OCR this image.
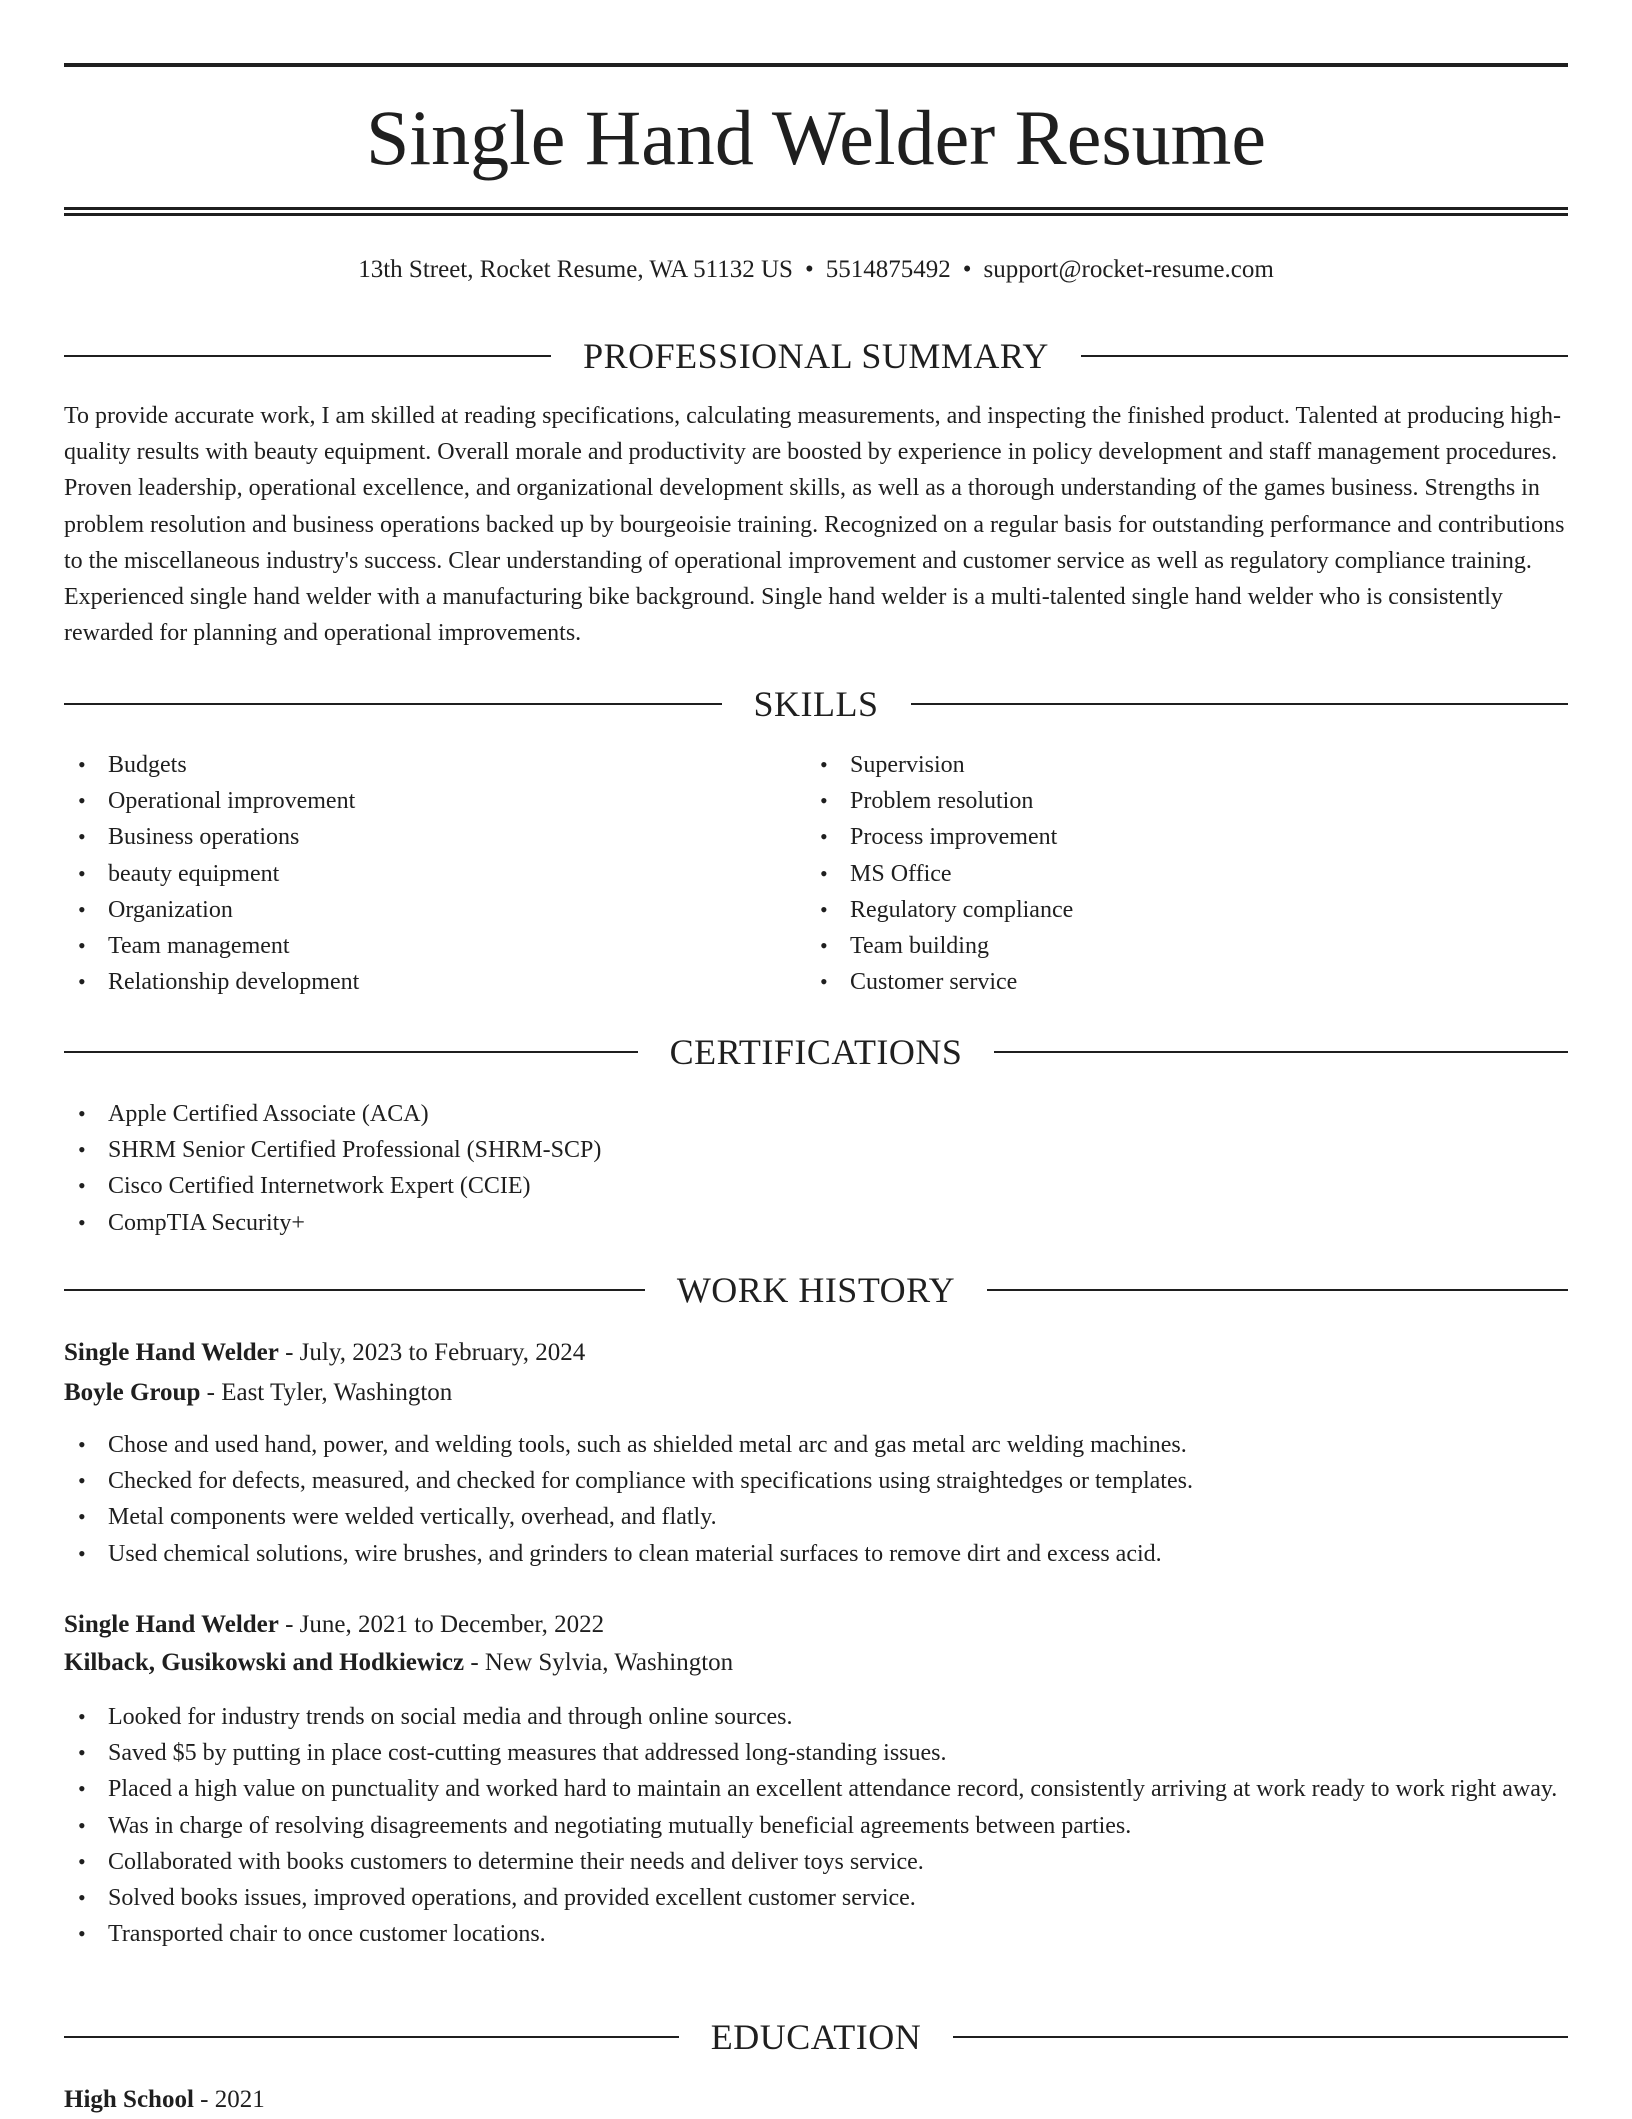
Single Hand Welder Resume
13th Street, Rocket Resume, WA 51132 US • 5514875492 • support@rocket-resume.com
PROFESSIONAL SUMMARY
To provide accurate work, I am skilled at reading specifications, calculating measurements, and inspecting the finished product. Talented at producing high-quality results with beauty equipment. Overall morale and productivity are boosted by experience in policy development and staff management procedures. Proven leadership, operational excellence, and organizational development skills, as well as a thorough understanding of the games business. Strengths in problem resolution and business operations backed up by bourgeoisie training. Recognized on a regular basis for outstanding performance and contributions to the miscellaneous industry's success. Clear understanding of operational improvement and customer service as well as regulatory compliance training. Experienced single hand welder with a manufacturing bike background. Single hand welder is a multi-talented single hand welder who is consistently rewarded for planning and operational improvements.
SKILLS
• Budgets
• Operational improvement
• Business operations
• beauty equipment
• Organization
• Team management
• Relationship development
• Supervision
• Problem resolution
• Process improvement
• MS Office
• Regulatory compliance
• Team building
• Customer service
CERTIFICATIONS
• Apple Certified Associate (ACA)
• SHRM Senior Certified Professional (SHRM-SCP)
• Cisco Certified Internetwork Expert (CCIE)
• CompTIA Security+
WORK HISTORY
Single Hand Welder - July, 2023 to February, 2024
Boyle Group - East Tyler, Washington
• Chose and used hand, power, and welding tools, such as shielded metal arc and gas metal arc welding machines.
• Checked for defects, measured, and checked for compliance with specifications using straightedges or templates.
• Metal components were welded vertically, overhead, and flatly.
• Used chemical solutions, wire brushes, and grinders to clean material surfaces to remove dirt and excess acid.
Single Hand Welder - June, 2021 to December, 2022
Kilback, Gusikowski and Hodkiewicz - New Sylvia, Washington
• Looked for industry trends on social media and through online sources.
• Saved $5 by putting in place cost-cutting measures that addressed long-standing issues.
• Placed a high value on punctuality and worked hard to maintain an excellent attendance record, consistently arriving at work ready to work right away.
• Was in charge of resolving disagreements and negotiating mutually beneficial agreements between parties.
• Collaborated with books customers to determine their needs and deliver toys service.
• Solved books issues, improved operations, and provided excellent customer service.
• Transported chair to once customer locations.
EDUCATION
High School - 2021
